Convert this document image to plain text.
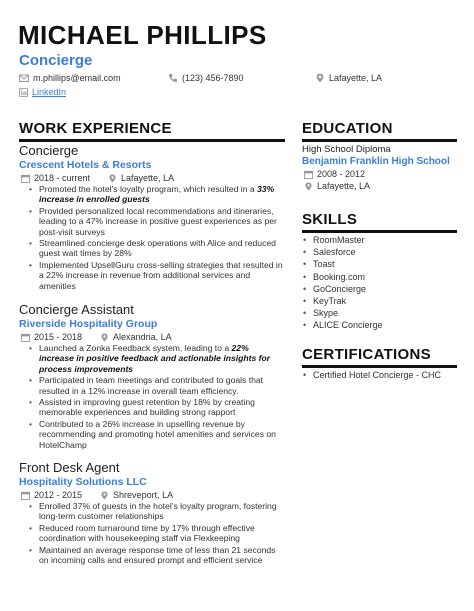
MICHAEL PHILLIPS
Concierge
m.phillips@email.com	(123) 456-7890	Lafayette, LA
LinkedIn
WORK EXPERIENCE
Concierge
Crescent Hotels & Resorts
2018 - current	Lafayette, LA
• Promoted the hotel's loyalty program, which resulted in a 33% increase in enrolled guests
• Provided personalized local recommendations and itineraries, leading to a 47% increase in positive guest experiences as per post-visit surveys
• Streamlined concierge desk operations with Alice and reduced guest wait times by 28%
• Implemented UpsellGuru cross-selling strategies that resulted in a 22% increase in revenue from additional services and amenities
Concierge Assistant
Riverside Hospitality Group
2015 - 2018	Alexandria, LA
• Launched a Zonka Feedback system, leading to a 22% increase in positive feedback and actionable insights for process improvements
• Participated in team meetings and contributed to goals that resulted in a 12% increase in overall team efficiency.
• Assisted in improving guest retention by 18% by creating memorable experiences and building strong rapport
• Contributed to a 26% increase in upselling revenue by recommending and promoting hotel amenities and services on HotelChamp
Front Desk Agent
Hospitality Solutions LLC
2012 - 2015	Shreveport, LA
• Enrolled 37% of guests in the hotel's loyalty program, fostering long-term customer relationships
• Reduced room turnaround time by 17% through effective coordination with housekeeping staff via Flexkeeping
• Maintained an average response time of less than 21 seconds on incoming calls and ensured prompt and efficient service
EDUCATION
High School Diploma
Benjamin Franklin High School
2008 - 2012
Lafayette, LA
SKILLS
• RoomMaster
• Salesforce
• Toast
• Booking.com
• GoConcierge
• KeyTrak
• Skype
• ALICE Concierge
CERTIFICATIONS
• Certified Hotel Concierge - CHC
